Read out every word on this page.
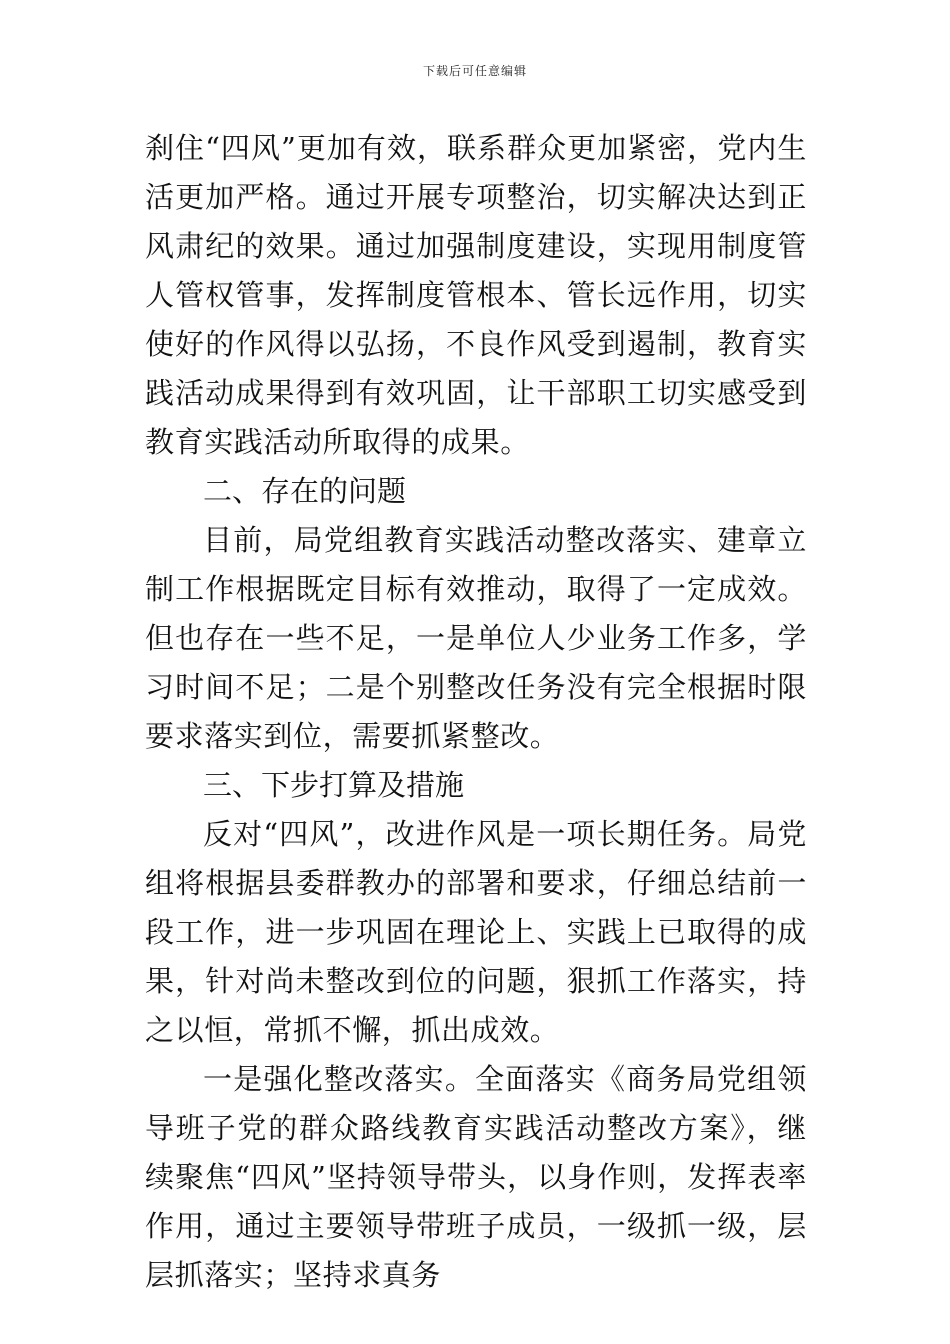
下载后可任意编辑

刹住“四风”更加有效，联系群众更加紧密，党内生活更加严格。通过开展专项整治，切实解决达到正风肃纪的效果。通过加强制度建设，实现用制度管人管权管事，发挥制度管根本、管长远作用，切实使好的作风得以弘扬，不良作风受到遏制，教育实践活动成果得到有效巩固，让干部职工切实感受到教育实践活动所取得的成果。

二、存在的问题

目前，局党组教育实践活动整改落实、建章立制工作根据既定目标有效推动，取得了一定成效。但也存在一些不足，一是单位人少业务工作多，学习时间不足；二是个别整改任务没有完全根据时限要求落实到位，需要抓紧整改。

三、下步打算及措施

反对“四风”，改进作风是一项长期任务。局党组将根据县委群教办的部署和要求，仔细总结前一段工作，进一步巩固在理论上、实践上已取得的成果，针对尚未整改到位的问题，狠抓工作落实，持之以恒，常抓不懈，抓出成效。

一是强化整改落实。全面落实《商务局党组领导班子党的群众路线教育实践活动整改方案》，继续聚焦“四风”坚持领导带头，以身作则，发挥表率作用，通过主要领导带班子成员，一级抓一级，层层抓落实；坚持求真务
